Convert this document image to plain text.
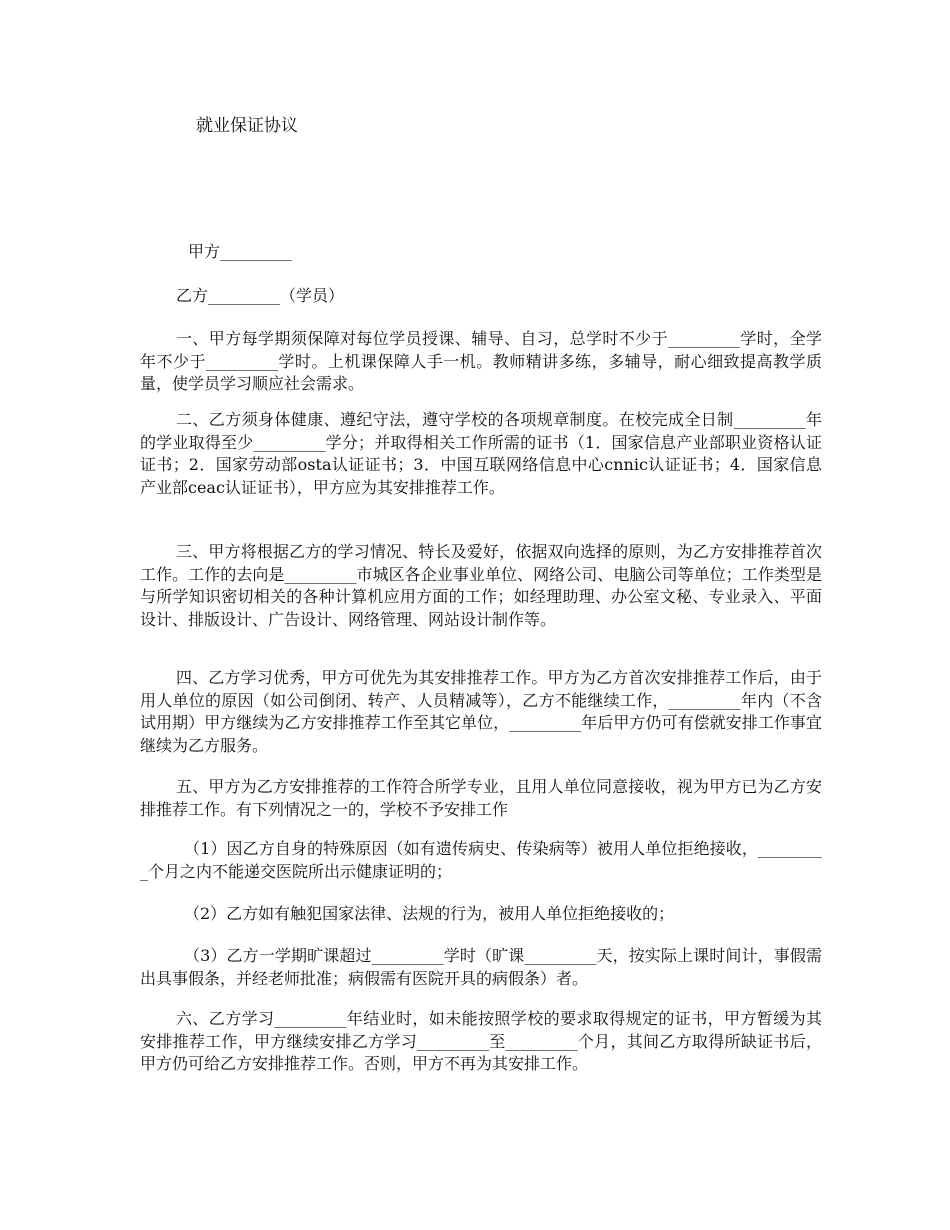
就业保证协议
甲方_________
乙方_________（学员）

一、甲方每学期须保障对每位学员授课、辅导、自习，总学时不少于_________学时，全学年不少于_________学时。上机课保障人手一机。教师精讲多练，多辅导，耐心细致提高教学质量，使学员学习顺应社会需求。

二、乙方须身体健康、遵纪守法，遵守学校的各项规章制度。在校完成全日制_________年的学业取得至少_________学分；并取得相关工作所需的证书（1．国家信息产业部职业资格认证证书；2．国家劳动部osta认证证书；3．中国互联网络信息中心cnnic认证证书；4．国家信息产业部ceac认证证书），甲方应为其安排推荐工作。

三、甲方将根据乙方的学习情况、特长及爱好，依据双向选择的原则，为乙方安排推荐首次工作。工作的去向是_________市城区各企业事业单位、网络公司、电脑公司等单位；工作类型是与所学知识密切相关的各种计算机应用方面的工作；如经理助理、办公室文秘、专业录入、平面设计、排版设计、广告设计、网络管理、网站设计制作等。

四、乙方学习优秀，甲方可优先为其安排推荐工作。甲方为乙方首次安排推荐工作后，由于用人单位的原因（如公司倒闭、转产、人员精减等），乙方不能继续工作，_________年内（不含试用期）甲方继续为乙方安排推荐工作至其它单位，_________年后甲方仍可有偿就安排工作事宜继续为乙方服务。

五、甲方为乙方安排推荐的工作符合所学专业，且用人单位同意接收，视为甲方已为乙方安排推荐工作。有下列情况之一的，学校不予安排工作

（1）因乙方自身的特殊原因（如有遗传病史、传染病等）被用人单位拒绝接收，_________个月之内不能递交医院所出示健康证明的；

（2）乙方如有触犯国家法律、法规的行为，被用人单位拒绝接收的；

（3）乙方一学期旷课超过_________学时（旷课_________天，按实际上课时间计，事假需出具事假条，并经老师批准；病假需有医院开具的病假条）者。

六、乙方学习_________年结业时，如未能按照学校的要求取得规定的证书，甲方暂缓为其安排推荐工作，甲方继续安排乙方学习_________至_________个月，其间乙方取得所缺证书后，甲方仍可给乙方安排推荐工作。否则，甲方不再为其安排工作。
